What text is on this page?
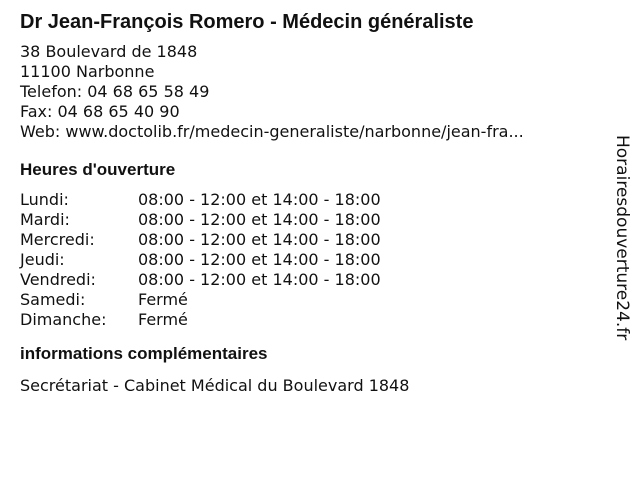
Dr Jean-François Romero - Médecin généraliste
38 Boulevard de 1848
11100 Narbonne
Telefon: 04 68 65 58 49
Fax: 04 68 65 40 90
Web: www.doctolib.fr/medecin-generaliste/narbonne/jean-fra...
Heures d'ouverture
Lundi:	08:00 - 12:00 et 14:00 - 18:00
Mardi:	08:00 - 12:00 et 14:00 - 18:00
Mercredi:	08:00 - 12:00 et 14:00 - 18:00
Jeudi:	08:00 - 12:00 et 14:00 - 18:00
Vendredi:	08:00 - 12:00 et 14:00 - 18:00
Samedi:	Fermé
Dimanche:	Fermé
informations complémentaires
Secrétariat - Cabinet Médical du Boulevard 1848
Horairesdouverture24.fr
